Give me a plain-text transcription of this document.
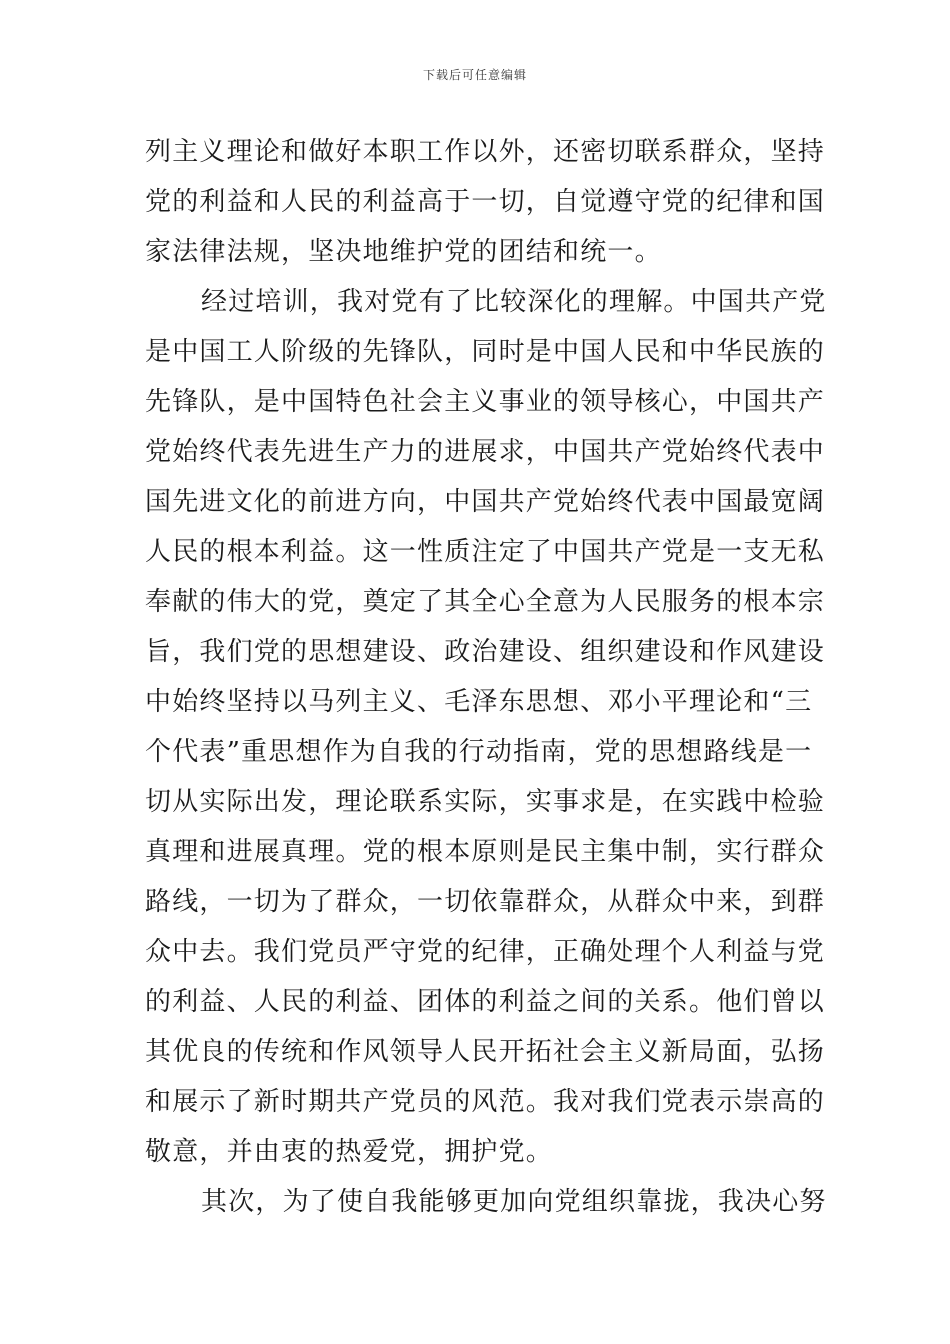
下载后可任意编辑
列主义理论和做好本职工作以外，还密切联系群众，坚持
党的利益和人民的利益高于一切，自觉遵守党的纪律和国
家法律法规，坚决地维护党的团结和统一。
经过培训，我对党有了比较深化的理解。中国共产党
是中国工人阶级的先锋队，同时是中国人民和中华民族的
先锋队，是中国特色社会主义事业的领导核心，中国共产
党始终代表先进生产力的进展求，中国共产党始终代表中
国先进文化的前进方向，中国共产党始终代表中国最宽阔
人民的根本利益。这一性质注定了中国共产党是一支无私
奉献的伟大的党，奠定了其全心全意为人民服务的根本宗
旨，我们党的思想建设、政治建设、组织建设和作风建设
中始终坚持以马列主义、毛泽东思想、邓小平理论和“三
个代表”重思想作为自我的行动指南，党的思想路线是一
切从实际出发，理论联系实际，实事求是，在实践中检验
真理和进展真理。党的根本原则是民主集中制，实行群众
路线，一切为了群众，一切依靠群众，从群众中来，到群
众中去。我们党员严守党的纪律，正确处理个人利益与党
的利益、人民的利益、团体的利益之间的关系。他们曾以
其优良的传统和作风领导人民开拓社会主义新局面，弘扬
和展示了新时期共产党员的风范。我对我们党表示崇高的
敬意，并由衷的热爱党，拥护党。
其次，为了使自我能够更加向党组织靠拢，我决心努
